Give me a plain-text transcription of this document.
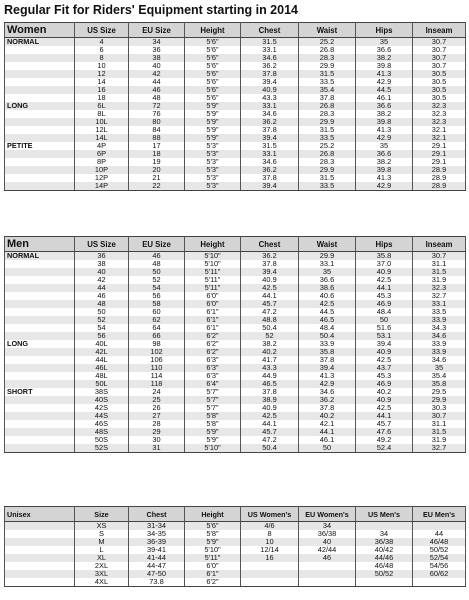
Regular Fit for Riders' Equipment starting in 2014
Women	US Size	EU Size	Height	Chest	Waist	Hips	Inseam
NORMAL	4	34	5'6"	31.5	25.2	35	30.7
	6	36	5'6"	33.1	26.8	36.6	30.7
	8	38	5'6"	34.6	28.3	38.2	30.7
	10	40	5'6"	36.2	29.9	39.8	30.7
	12	42	5'6"	37.8	31.5	41.3	30.5
	14	44	5'6"	39.4	33.5	42.9	30.5
	16	46	5'6"	40.9	35.4	44.5	30.5
	18	48	5'6"	43.3	37.8	46.1	30.5
LONG	6L	72	5'9"	33.1	26.8	36.6	32.3
	8L	76	5'9"	34.6	28.3	38.2	32.3
	10L	80	5'9"	36.2	29.9	39.8	32.3
	12L	84	5'9"	37.8	31.5	41.3	32.1
	14L	88	5'9"	39.4	33.5	42.9	32.1
PETITE	4P	17	5'3"	31.5	25.2	35	29.1
	6P	18	5'3"	33.1	26.8	36.6	29.1
	8P	19	5'3"	34.6	28.3	38.2	29.1
	10P	20	5'3"	36.2	29.9	39.8	28.9
	12P	21	5'3"	37.8	31.5	41.3	28.9
	14P	22	5'3"	39.4	33.5	42.9	28.9
Men	US Size	EU Size	Height	Chest	Waist	Hips	Inseam
NORMAL	36	46	5'10"	36.2	29.9	35.8	30.7
	38	48	5'10"	37.8	33.1	37.0	31.1
	40	50	5'11"	39.4	35	40.9	31.5
	42	52	5'11"	40.9	36.6	42.5	31.9
	44	54	5'11"	42.5	38.6	44.1	32.3
	46	56	6'0"	44.1	40.6	45.3	32.7
	48	58	6'0"	45.7	42.5	46.9	33.1
	50	60	6'1"	47.2	44.5	48.4	33.5
	52	62	6'1"	48.8	46.5	50	33.9
	54	64	6'1"	50.4	48.4	51.6	34.3
	56	66	6'2"	52	50.4	53.1	34.6
LONG	40L	98	6'2"	38.2	33.9	39.4	33.9
	42L	102	6'2"	40.2	35.8	40.9	33.9
	44L	106	6'3"	41.7	37.8	42.5	34.6
	46L	110	6'3"	43.3	39.4	43.7	35
	48L	114	6'3"	44.9	41.3	45.3	35.4
	50L	118	6'4"	46.5	42.9	46.9	35.8
SHORT	38S	24	5'7"	37.8	34.6	40.2	29.5
	40S	25	5'7"	38.9	36.2	40.9	29.9
	42S	26	5'7"	40.9	37.8	42.5	30.3
	44S	27	5'8"	42.5	40.2	44.1	30.7
	46S	28	5'8"	44.1	42.1	45.7	31.1
	48S	29	5'9"	45.7	44.1	47.6	31.5
	50S	30	5'9"	47.2	46.1	49.2	31.9
	52S	31	5'10"	50.4	50	52.4	32.7
Unisex	Size	Chest	Height	US Women's	EU Women's	US Men's	EU Men's
	XS	31-34	5'6"	4/6	34		
	S	34-35	5'8"	8	36/38	34	44
	M	36-39	5'9"	10	40	36/38	46/48
	L	39-41	5'10"	12/14	42/44	40/42	50/52
	XL	41-44	5'11"	16	46	44/46	52/54
	2XL	44-47	6'0"			46/48	54/56
	3XL	47-50	6'1"			50/52	60/62
	4XL	73.8	6'2"				
